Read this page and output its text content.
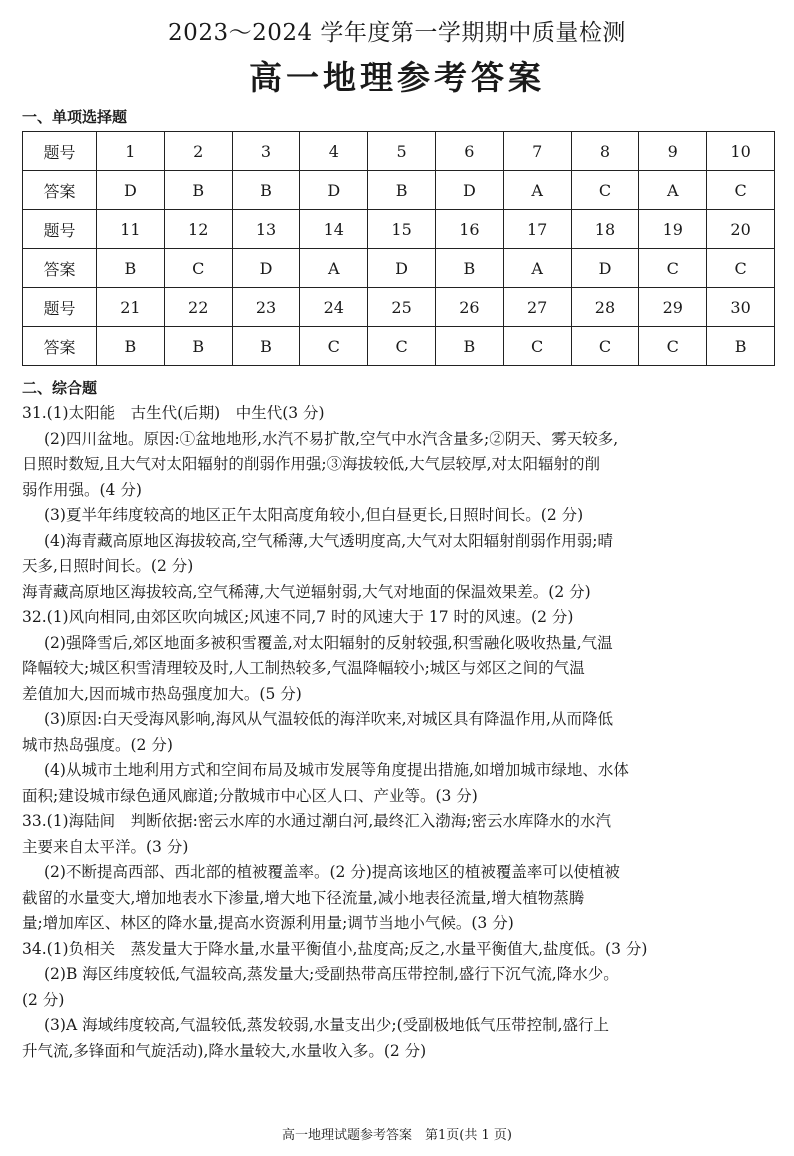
2023～2024 学年度第一学期期中质量检测
高一地理参考答案
一、单项选择题
题号	1	2	3	4	5	6	7	8	9	10
答案	D	B	B	D	B	D	A	C	A	C
题号	11	12	13	14	15	16	17	18	19	20
答案	B	C	D	A	D	B	A	D	C	C
题号	21	22	23	24	25	26	27	28	29	30
答案	B	B	B	C	C	B	C	C	C	B
二、综合题

31.(1)太阳能　古生代(后期)　中生代(3 分)

(2)四川盆地。原因:①盆地地形,水汽不易扩散,空气中水汽含量多;②阴天、雾天较多,

日照时数短,且大气对太阳辐射的削弱作用强;③海拔较低,大气层较厚,对太阳辐射的削

弱作用强。(4 分)

(3)夏半年纬度较高的地区正午太阳高度角较小,但白昼更长,日照时间长。(2 分)

(4)海青藏高原地区海拔较高,空气稀薄,大气透明度高,大气对太阳辐射削弱作用弱;晴

天多,日照时间长。(2 分)

海青藏高原地区海拔较高,空气稀薄,大气逆辐射弱,大气对地面的保温效果差。(2 分)

32.(1)风向相同,由郊区吹向城区;风速不同,7 时的风速大于 17 时的风速。(2 分)

(2)强降雪后,郊区地面多被积雪覆盖,对太阳辐射的反射较强,积雪融化吸收热量,气温

降幅较大;城区积雪清理较及时,人工制热较多,气温降幅较小;城区与郊区之间的气温

差值加大,因而城市热岛强度加大。(5 分)

(3)原因:白天受海风影响,海风从气温较低的海洋吹来,对城区具有降温作用,从而降低

城市热岛强度。(2 分)

(4)从城市土地利用方式和空间布局及城市发展等角度提出措施,如增加城市绿地、水体

面积;建设城市绿色通风廊道;分散城市中心区人口、产业等。(3 分)

33.(1)海陆间　判断依据:密云水库的水通过潮白河,最终汇入渤海;密云水库降水的水汽

主要来自太平洋。(3 分)

(2)不断提高西部、西北部的植被覆盖率。(2 分)提高该地区的植被覆盖率可以使植被

截留的水量变大,增加地表水下渗量,增大地下径流量,减小地表径流量,增大植物蒸腾

量;增加库区、林区的降水量,提高水资源利用量;调节当地小气候。(3 分)

34.(1)负相关　蒸发量大于降水量,水量平衡值小,盐度高;反之,水量平衡值大,盐度低。(3 分)

(2)B 海区纬度较低,气温较高,蒸发量大;受副热带高压带控制,盛行下沉气流,降水少。

(2 分)

(3)A 海域纬度较高,气温较低,蒸发较弱,水量支出少;(受副极地低气压带控制,盛行上

升气流,多锋面和气旋活动),降水量较大,水量收入多。(2 分)

高一地理试题参考答案　第1页(共 1 页)
